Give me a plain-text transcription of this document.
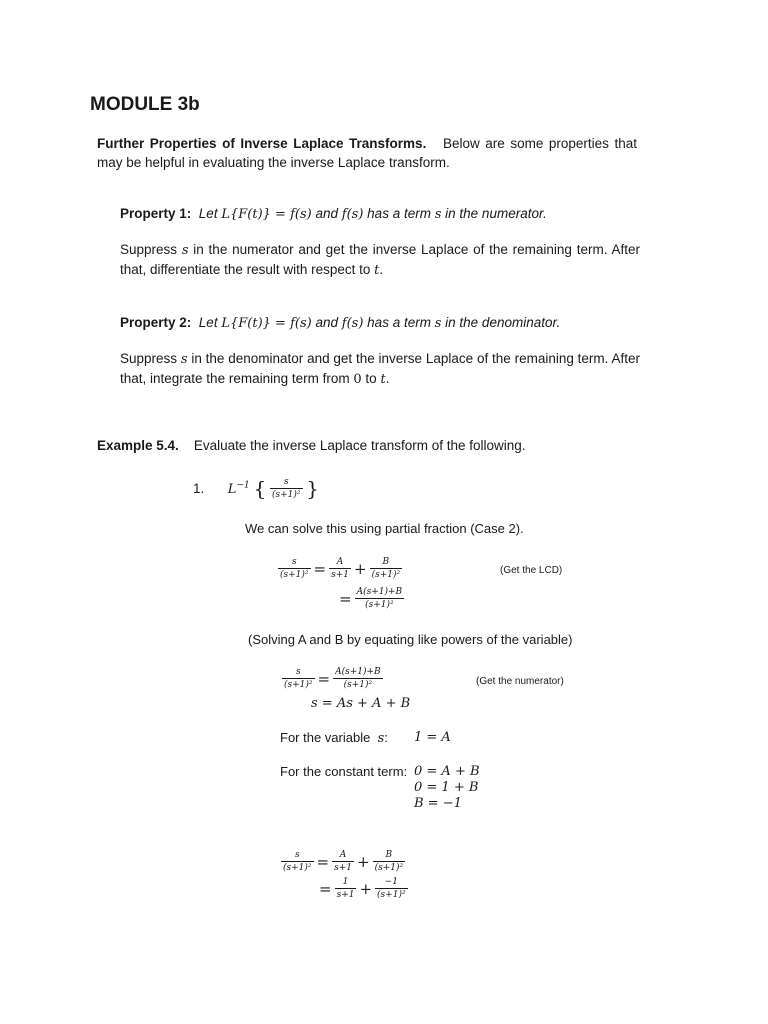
MODULE 3b
Further Properties of Inverse Laplace Transforms. Below are some properties that may be helpful in evaluating the inverse Laplace transform.
Property 1: Let L{F(t)} = f(s) and f(s) has a term s in the numerator.
Suppress s in the numerator and get the inverse Laplace of the remaining term. After that, differentiate the result with respect to t.
Property 2: Let L{F(t)} = f(s) and f(s) has a term s in the denominator.
Suppress s in the denominator and get the inverse Laplace of the remaining term. After that, integrate the remaining term from 0 to t.
Example 5.4. Evaluate the inverse Laplace transform of the following.
1. $L^{-1}$ { $\frac{s}{\text{(s+1)²}}$ }
We can solve this using partial fraction (Case 2).
$\frac{s}{\text{(s+1)²}} = \frac{A}{s+1} + \frac{B}{\text{(s+1)²}}$	(Get the LCD)
= $\frac{A(s+1)+B}{\text{(s+1)²}}$
(Solving A and B by equating like powers of the variable)
$\frac{s}{\text{(s+1)²}} = \frac{A(s+1)+B}{\text{(s+1)²}}$	(Get the numerator)
s = As + A + B
For the variable s: 1 = A
For the constant term: 0 = A + B
0 = 1 + B
B = −1
$\frac{s}{\text{(s+1)²}} = \frac{A}{s+1} + \frac{B}{\text{(s+1)²}}$
= $\frac{1}{s+1} + \frac{-1}{\text{(s+1)²}}$
